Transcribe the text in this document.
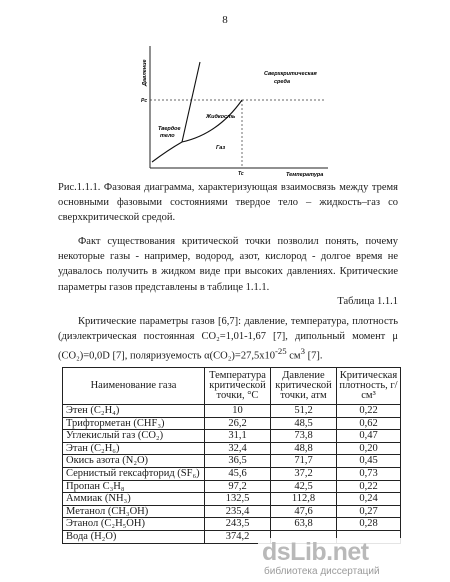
8
Давление
Температура
Pc
Tc
Твердое
тело
Жидкость
Газ
Сверхкритическая
среда

Рис.1.1.1. Фазовая диаграмма, характеризующая взаимосвязь между тремя основными фазовыми состояниями твердое тело – жидкость–газ со сверхкритической средой.

Факт существования критической точки позволил понять, почему некоторые газы - например, водород, азот, кислород - долгое время не удавалось получить в жидком виде при высоких давлениях. Критические параметры газов представлены в таблице 1.1.1.

Таблица 1.1.1

Критические параметры газов [6,7]: давление, температура, плотность (диэлектрическая постоянная CO₂=1,01-1,67 [7], дипольный момент μ (CO₂)=0,0D [7], поляризуемость $\alpha(CO_2)=27,5x10^{-25}$ $см^3$ [7].

Наименование газа	Температура критической точки, °C	Давление критической точки, атм	Критическая плотность, г/см³
Этен (C₂H₄)	10	51,2	0,22
Трифторметан (CHF₃)	26,2	48,5	0,62
Углекислый газ (CO₂)	31,1	73,8	0,47
Этан (C₂H₆)	32,4	48,8	0,20
Окись азота (N₂O)	36,5	71,7	0,45
Сернистый гексафторид (SF₆)	45,6	37,2	0,73
Пропан C₃H₈	97,2	42,5	0,22
Аммиак (NH₃)	132,5	112,8	0,24
Метанол (CH₃OH)	235,4	47,6	0,27
Этанол (C₂H₅OH)	243,5	63,8	0,28
Вода (H₂O)	374,2		
dsLib.net
библиотека диссертаций
